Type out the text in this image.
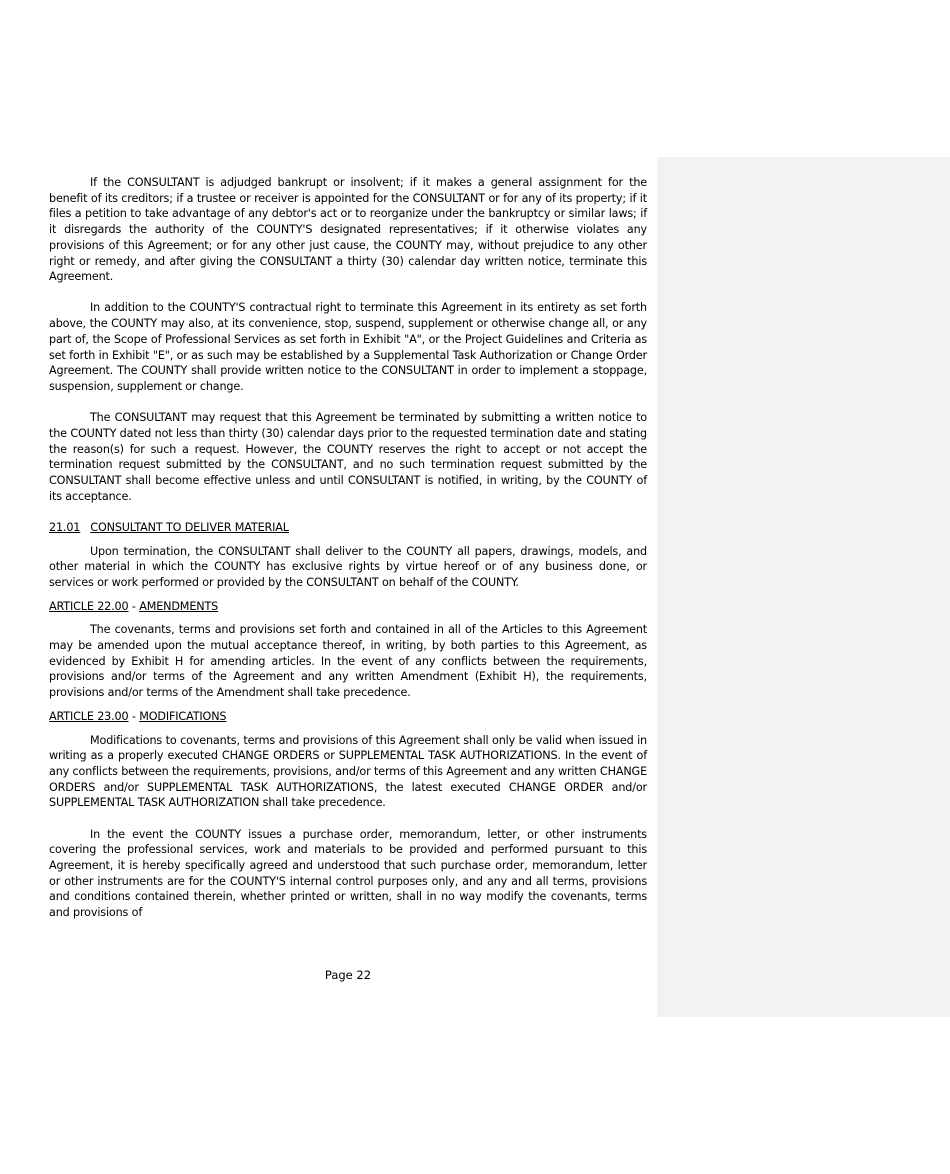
If the CONSULTANT is adjudged bankrupt or insolvent; if it makes a general assignment for the benefit of its creditors; if a trustee or receiver is appointed for the CONSULTANT or for any of its property; if it files a petition to take advantage of any debtor's act or to reorganize under the bankruptcy or similar laws; if it disregards the authority of the COUNTY'S designated representatives; if it otherwise violates any provisions of this Agreement; or for any other just cause, the COUNTY may, without prejudice to any other right or remedy, and after giving the CONSULTANT a thirty (30) calendar day written notice, terminate this Agreement.

In addition to the COUNTY'S contractual right to terminate this Agreement in its entirety as set forth above, the COUNTY may also, at its convenience, stop, suspend, supplement or otherwise change all, or any part of, the Scope of Professional Services as set forth in Exhibit "A", or the Project Guidelines and Criteria as set forth in Exhibit "E", or as such may be established by a Supplemental Task Authorization or Change Order Agreement. The COUNTY shall provide written notice to the CONSULTANT in order to implement a stoppage, suspension, supplement or change.

The CONSULTANT may request that this Agreement be terminated by submitting a written notice to the COUNTY dated not less than thirty (30) calendar days prior to the requested termination date and stating the reason(s) for such a request. However, the COUNTY reserves the right to accept or not accept the termination request submitted by the CONSULTANT, and no such termination request submitted by the CONSULTANT shall become effective unless and until CONSULTANT is notified, in writing, by the COUNTY of its acceptance.

21.01 CONSULTANT TO DELIVER MATERIAL

Upon termination, the CONSULTANT shall deliver to the COUNTY all papers, drawings, models, and other material in which the COUNTY has exclusive rights by virtue hereof or of any business done, or services or work performed or provided by the CONSULTANT on behalf of the COUNTY.

ARTICLE 22.00 - AMENDMENTS

The covenants, terms and provisions set forth and contained in all of the Articles to this Agreement may be amended upon the mutual acceptance thereof, in writing, by both parties to this Agreement, as evidenced by Exhibit H for amending articles. In the event of any conflicts between the requirements, provisions and/or terms of the Agreement and any written Amendment (Exhibit H), the requirements, provisions and/or terms of the Amendment shall take precedence.

ARTICLE 23.00 - MODIFICATIONS

Modifications to covenants, terms and provisions of this Agreement shall only be valid when issued in writing as a properly executed CHANGE ORDERS or SUPPLEMENTAL TASK AUTHORIZATIONS. In the event of any conflicts between the requirements, provisions, and/or terms of this Agreement and any written CHANGE ORDERS and/or SUPPLEMENTAL TASK AUTHORIZATIONS, the latest executed CHANGE ORDER and/or SUPPLEMENTAL TASK AUTHORIZATION shall take precedence.

In the event the COUNTY issues a purchase order, memorandum, letter, or other instruments covering the professional services, work and materials to be provided and performed pursuant to this Agreement, it is hereby specifically agreed and understood that such purchase order, memorandum, letter or other instruments are for the COUNTY'S internal control purposes only, and any and all terms, provisions and conditions contained therein, whether printed or written, shall in no way modify the covenants, terms and provisions of

Page 22
